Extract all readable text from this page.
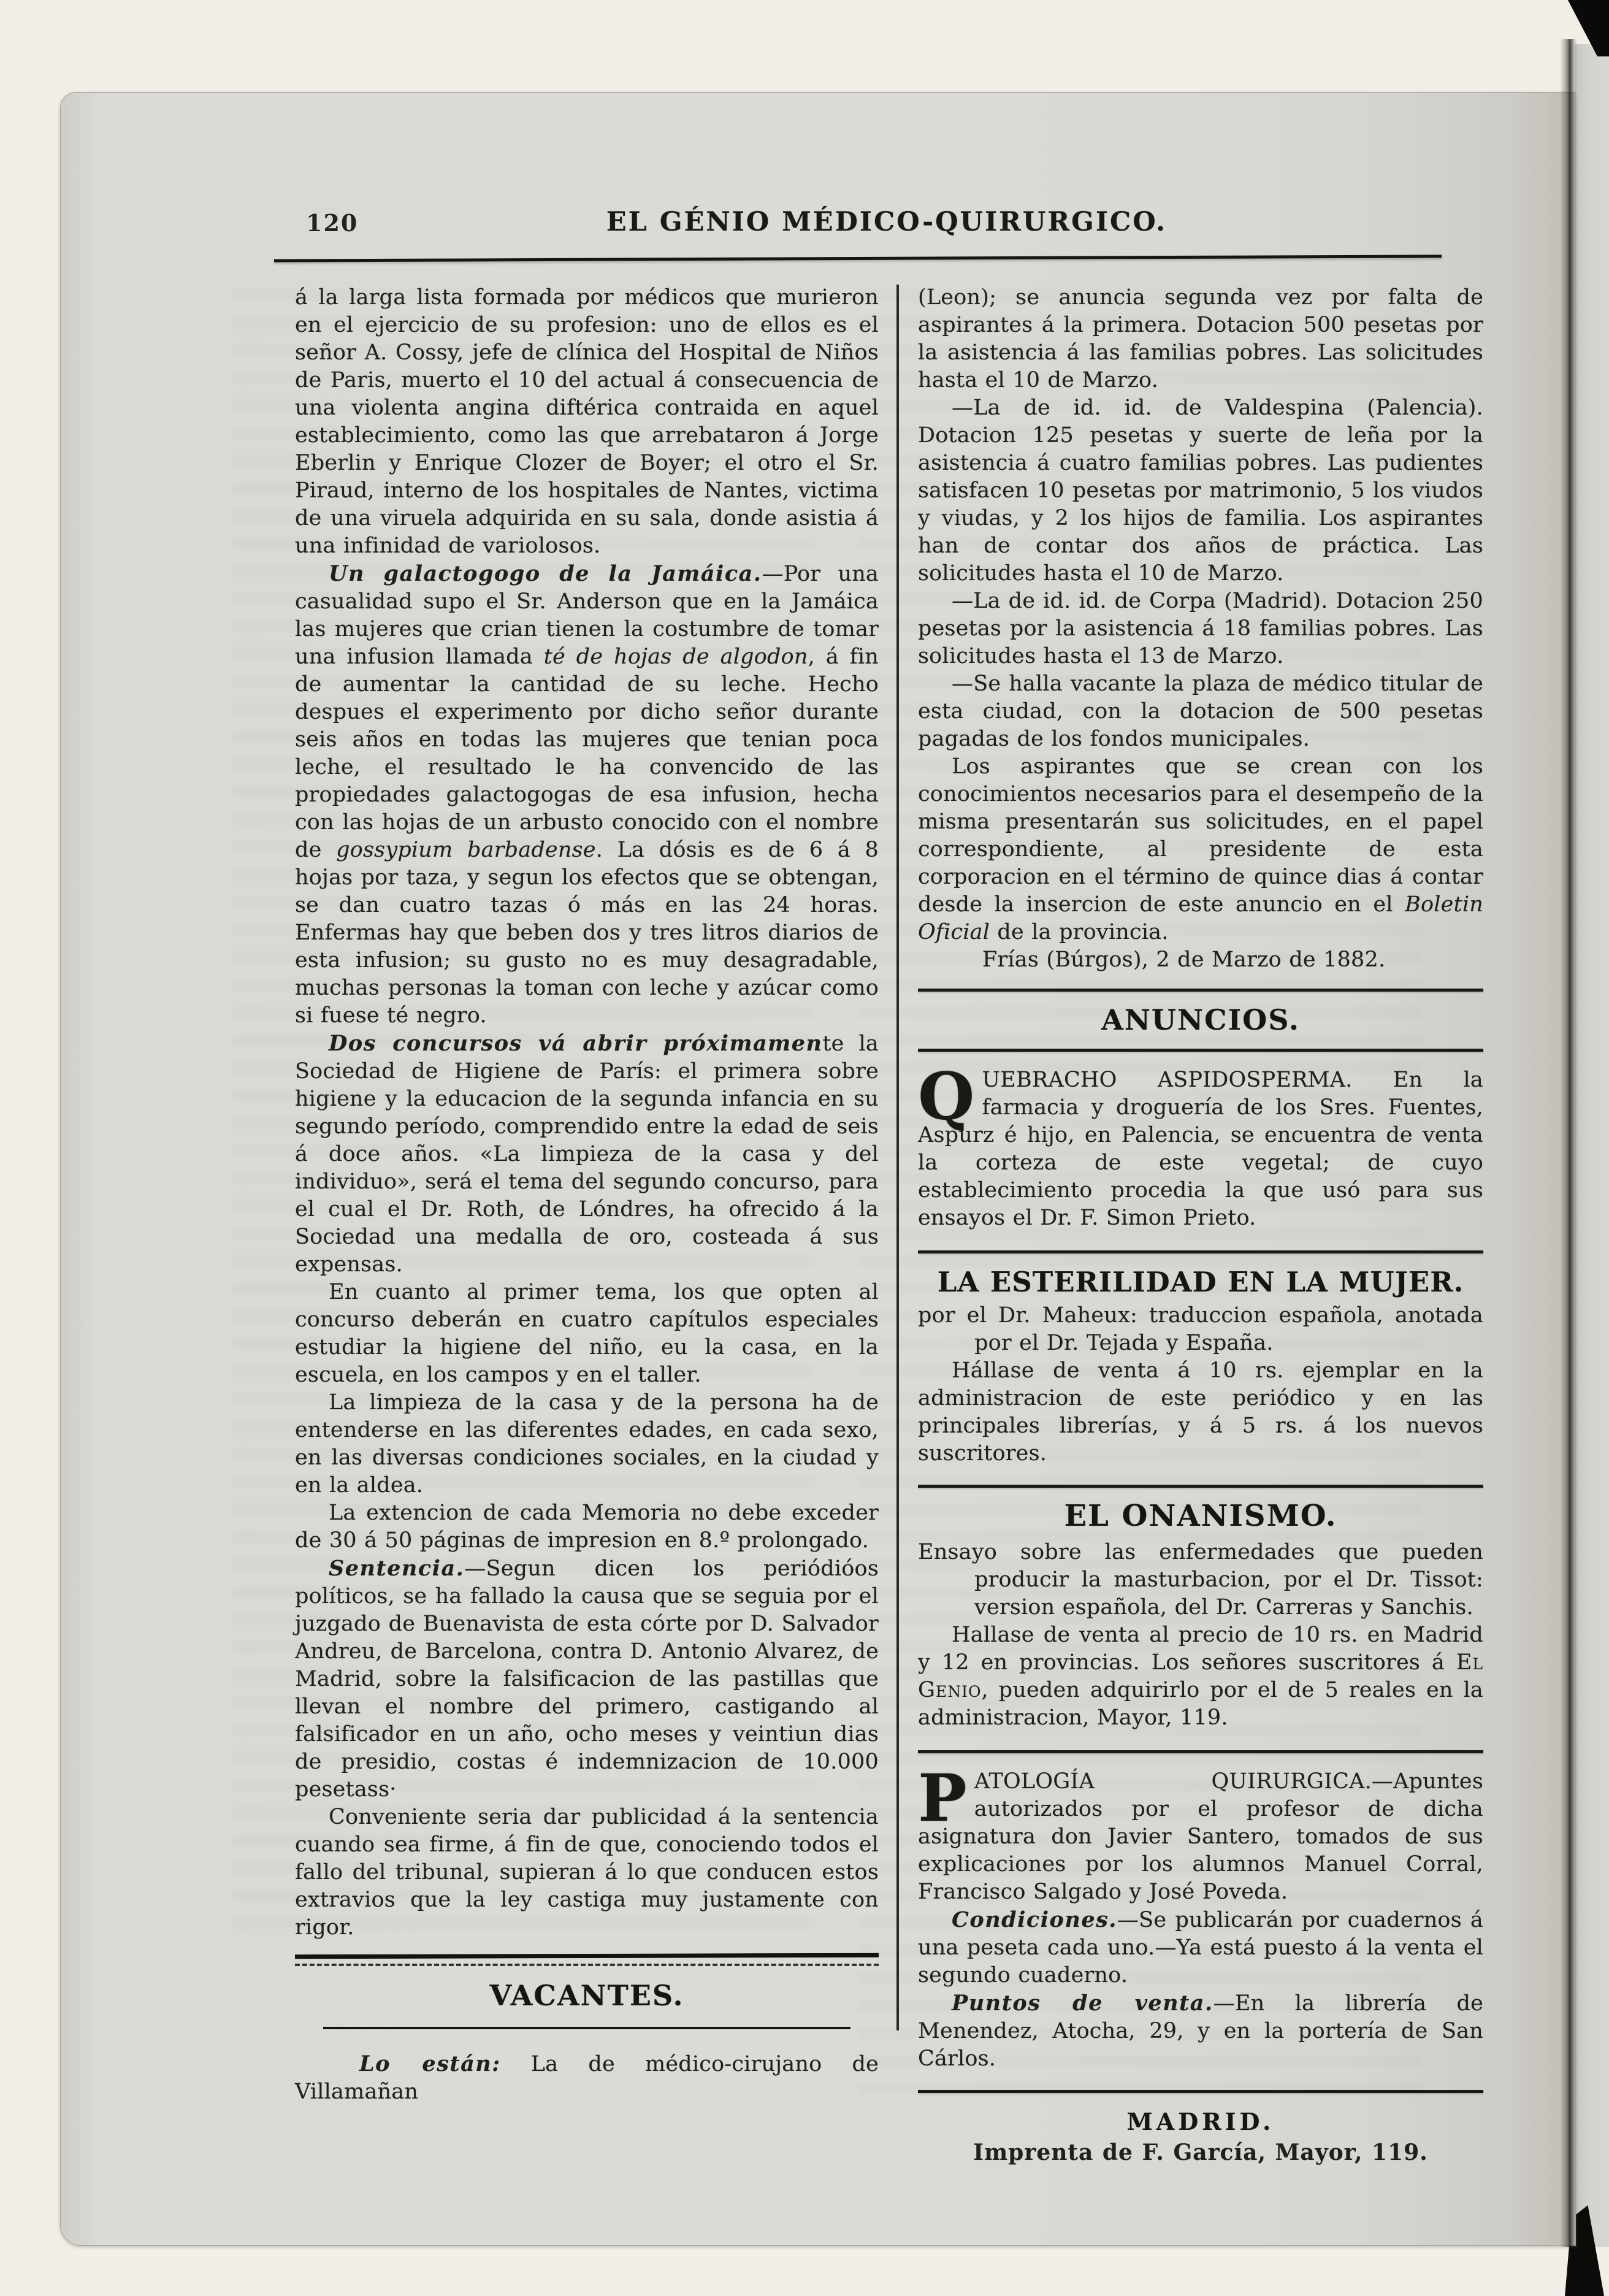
120	EL GÉNIO MÉDICO-QUIRURGICO.

á la larga lista formada por médicos que murieron en el ejercicio de su profesion: uno de ellos es el señor A. Cossy, jefe de clínica del Hospital de Niños de Paris, muerto el 10 del actual á consecuencia de una violenta angina diftérica contraida en aquel establecimiento, como las que arrebataron á Jorge Eberlin y Enrique Clozer de Boyer; el otro el Sr. Piraud, interno de los hospitales de Nantes, victima de una viruela adquirida en su sala, donde asistia á una infinidad de variolosos.

Un galactogogo de la Jamáica.—Por una casualidad supo el Sr. Anderson que en la Jamáica las mujeres que crian tienen la costumbre de tomar una infusion llamada té de hojas de algodon, á fin de aumentar la cantidad de su leche. Hecho despues el experimento por dicho señor durante seis años en todas las mujeres que tenian poca leche, el resultado le ha convencido de las propiedades galactogogas de esa infusion, hecha con las hojas de un arbusto conocido con el nombre de gossypium barbadense. La dósis es de 6 á 8 hojas por taza, y segun los efectos que se obtengan, se dan cuatro tazas ó más en las 24 horas. Enfermas hay que beben dos y tres litros diarios de esta infusion; su gusto no es muy desagradable, muchas personas la toman con leche y azúcar como si fuese té negro.

Dos concursos vá abrir próximamente la Sociedad de Higiene de París: el primera sobre higiene y la educacion de la segunda infancia en su segundo período, comprendido entre la edad de seis á doce años. «La limpieza de la casa y del individuo», será el tema del segundo concurso, para el cual el Dr. Roth, de Lóndres, ha ofrecido á la Sociedad una medalla de oro, costeada á sus expensas.

En cuanto al primer tema, los que opten al concurso deberán en cuatro capítulos especiales estudiar la higiene del niño, eu la casa, en la escuela, en los campos y en el taller.

La limpieza de la casa y de la persona ha de entenderse en las diferentes edades, en cada sexo, en las diversas condiciones sociales, en la ciudad y en la aldea.

La extencion de cada Memoria no debe exceder de 30 á 50 páginas de impresion en 8.º prolongado.

Sentencia.—Segun dicen los periódióos políticos, se ha fallado la causa que se seguia por el juzgado de Buenavista de esta córte por D. Salvador Andreu, de Barcelona, contra D. Antonio Alvarez, de Madrid, sobre la falsificacion de las pastillas que llevan el nombre del primero, castigando al falsificador en un año, ocho meses y veintiun dias de presidio, costas é indemnizacion de 10.000 pesetass·

Conveniente seria dar publicidad á la sentencia cuando sea firme, á fin de que, conociendo todos el fallo del tribunal, supieran á lo que conducen estos extravios que la ley castiga muy justamente con rigor.

VACANTES.

Lo están: La de médico-cirujano de Villamañan

(Leon); se anuncia segunda vez por falta de aspirantes á la primera. Dotacion 500 pesetas por la asistencia á las familias pobres. Las solicitudes hasta el 10 de Marzo.

—La de id. id. de Valdespina (Palencia). Dotacion 125 pesetas y suerte de leña por la asistencia á cuatro familias pobres. Las pudientes satisfacen 10 pesetas por matrimonio, 5 los viudos y viudas, y 2 los hijos de familia. Los aspirantes han de contar dos años de práctica. Las solicitudes hasta el 10 de Marzo.

—La de id. id. de Corpa (Madrid). Dotacion 250 pesetas por la asistencia á 18 familias pobres. Las solicitudes hasta el 13 de Marzo.

—Se halla vacante la plaza de médico titular de esta ciudad, con la dotacion de 500 pesetas pagadas de los fondos municipales.

Los aspirantes que se crean con los conocimientos necesarios para el desempeño de la misma presentarán sus solicitudes, en el papel correspondiente, al presidente de esta corporacion en el término de quince dias á contar desde la insercion de este anuncio en el Boletin Oficial de la provincia.

Frías (Búrgos), 2 de Marzo de 1882.

ANUNCIOS.

QUEBRACHO ASPIDOSPERMA. En la farmacia y droguería de los Sres. Fuentes, Aspurz é hijo, en Palencia, se encuentra de venta la corteza de este vegetal; de cuyo establecimiento procedia la que usó para sus ensayos el Dr. F. Simon Prieto.

LA ESTERILIDAD EN LA MUJER.

por el Dr. Maheux: traduccion española, anotada por el Dr. Tejada y España.

Hállase de venta á 10 rs. ejemplar en la administracion de este periódico y en las principales librerías, y á 5 rs. á los nuevos suscritores.

EL ONANISMO.

Ensayo sobre las enfermedades que pueden producir la masturbacion, por el Dr. Tissot: version española, del Dr. Carreras y Sanchis.

Hallase de venta al precio de 10 rs. en Madrid y 12 en provincias. Los señores suscritores á El Genio, pueden adquirirlo por el de 5 reales en la administracion, Mayor, 119.

PATOLOGÍA QUIRURGICA.—Apuntes autorizados por el profesor de dicha asignatura don Javier Santero, tomados de sus explicaciones por los alumnos Manuel Corral, Francisco Salgado y José Poveda.

Condiciones.—Se publicarán por cuadernos á una peseta cada uno.—Ya está puesto á la venta el segundo cuaderno.

Puntos de venta.—En la librería de Menendez, Atocha, 29, y en la portería de San Cárlos.

MADRID.

Imprenta de F. García, Mayor, 119.
